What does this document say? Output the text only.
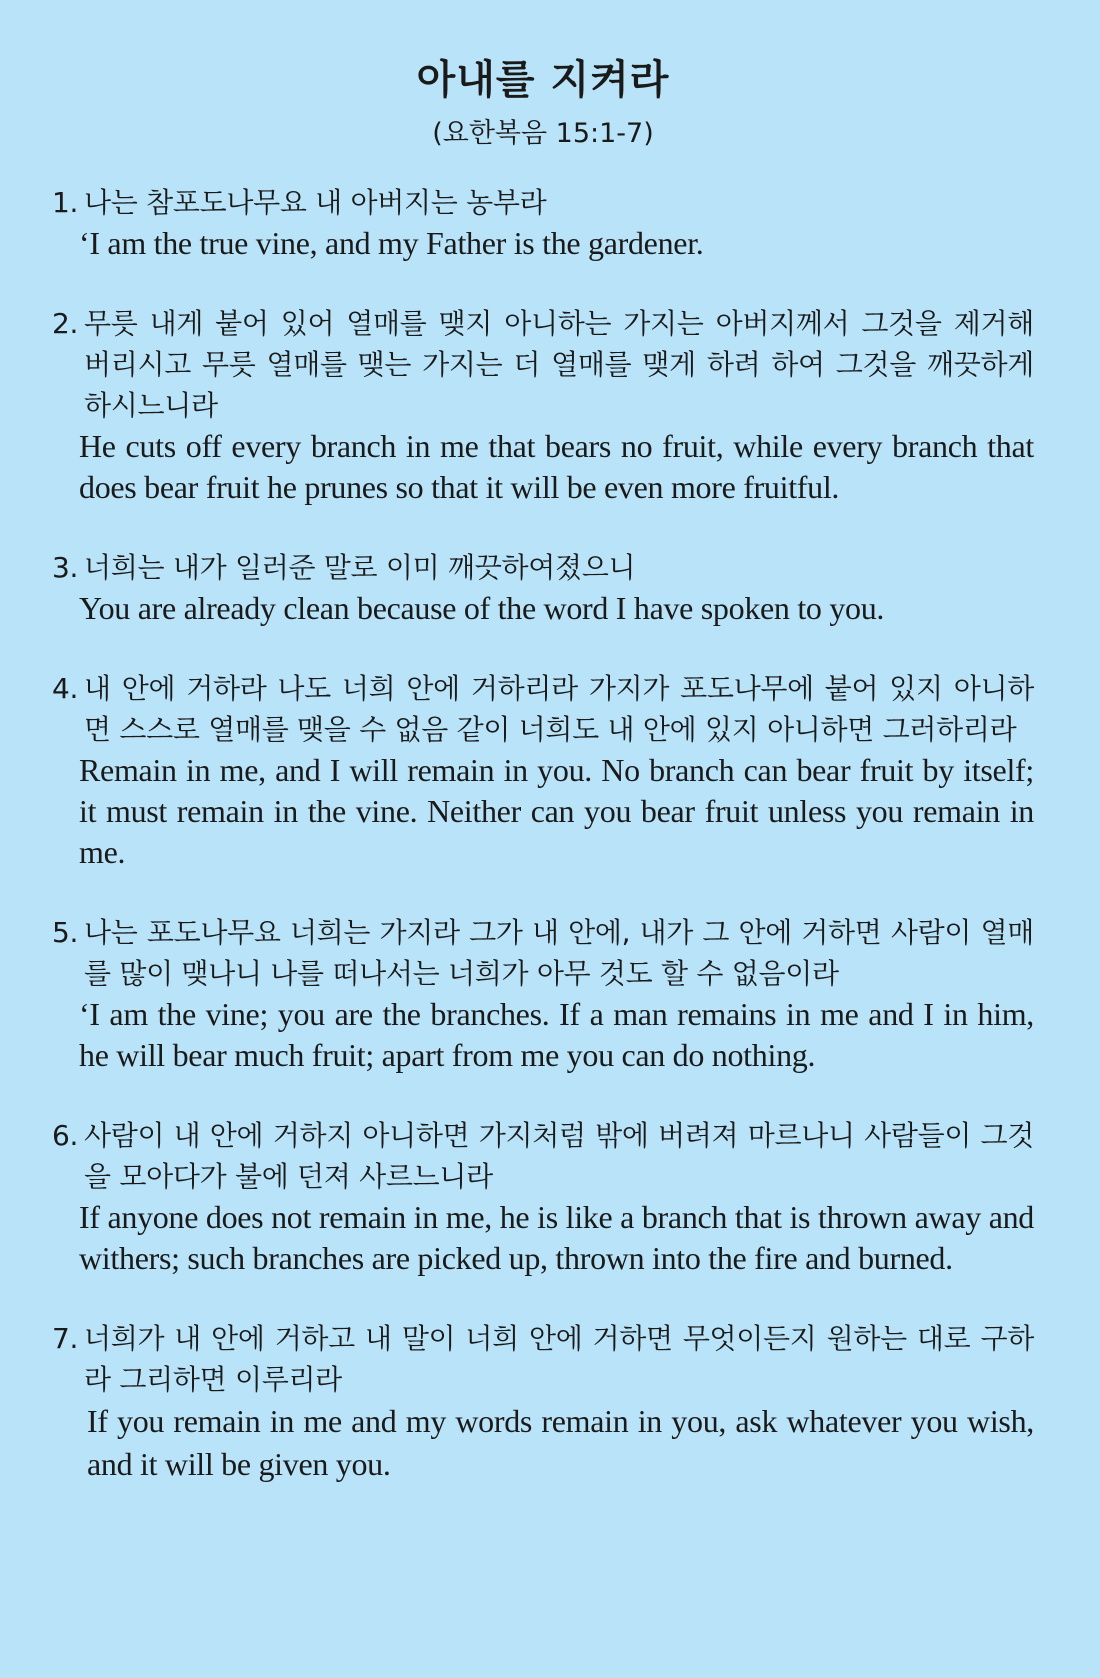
아내를 지켜라
(요한복음 15:1-7)
1. 나는 참포도나무요 내 아버지는 농부라
‘I am the true vine, and my Father is the gardener.
2. 무릇 내게 붙어 있어 열매를 맺지 아니하는 가지는 아버지께서 그것을 제거해 버리시고 무릇 열매를 맺는 가지는 더 열매를 맺게 하려 하여 그것을 깨끗하게 하시느니라
He cuts off every branch in me that bears no fruit, while every branch that does bear fruit he prunes so that it will be even more fruitful.
3. 너희는 내가 일러준 말로 이미 깨끗하여졌으니
You are already clean because of the word I have spoken to you.
4. 내 안에 거하라 나도 너희 안에 거하리라 가지가 포도나무에 붙어 있지 아니하면 스스로 열매를 맺을 수 없음 같이 너희도 내 안에 있지 아니하면 그러하리라
Remain in me, and I will remain in you. No branch can bear fruit by itself; it must remain in the vine. Neither can you bear fruit unless you remain in me.
5. 나는 포도나무요 너희는 가지라 그가 내 안에, 내가 그 안에 거하면 사람이 열매를 많이 맺나니 나를 떠나서는 너희가 아무 것도 할 수 없음이라
‘I am the vine; you are the branches. If a man remains in me and I in him, he will bear much fruit; apart from me you can do nothing.
6. 사람이 내 안에 거하지 아니하면 가지처럼 밖에 버려져 마르나니 사람들이 그것을 모아다가 불에 던져 사르느니라
If anyone does not remain in me, he is like a branch that is thrown away and withers; such branches are picked up, thrown into the fire and burned.
7. 너희가 내 안에 거하고 내 말이 너희 안에 거하면 무엇이든지 원하는 대로 구하라 그리하면 이루리라
If you remain in me and my words remain in you, ask whatever you wish, and it will be given you.
